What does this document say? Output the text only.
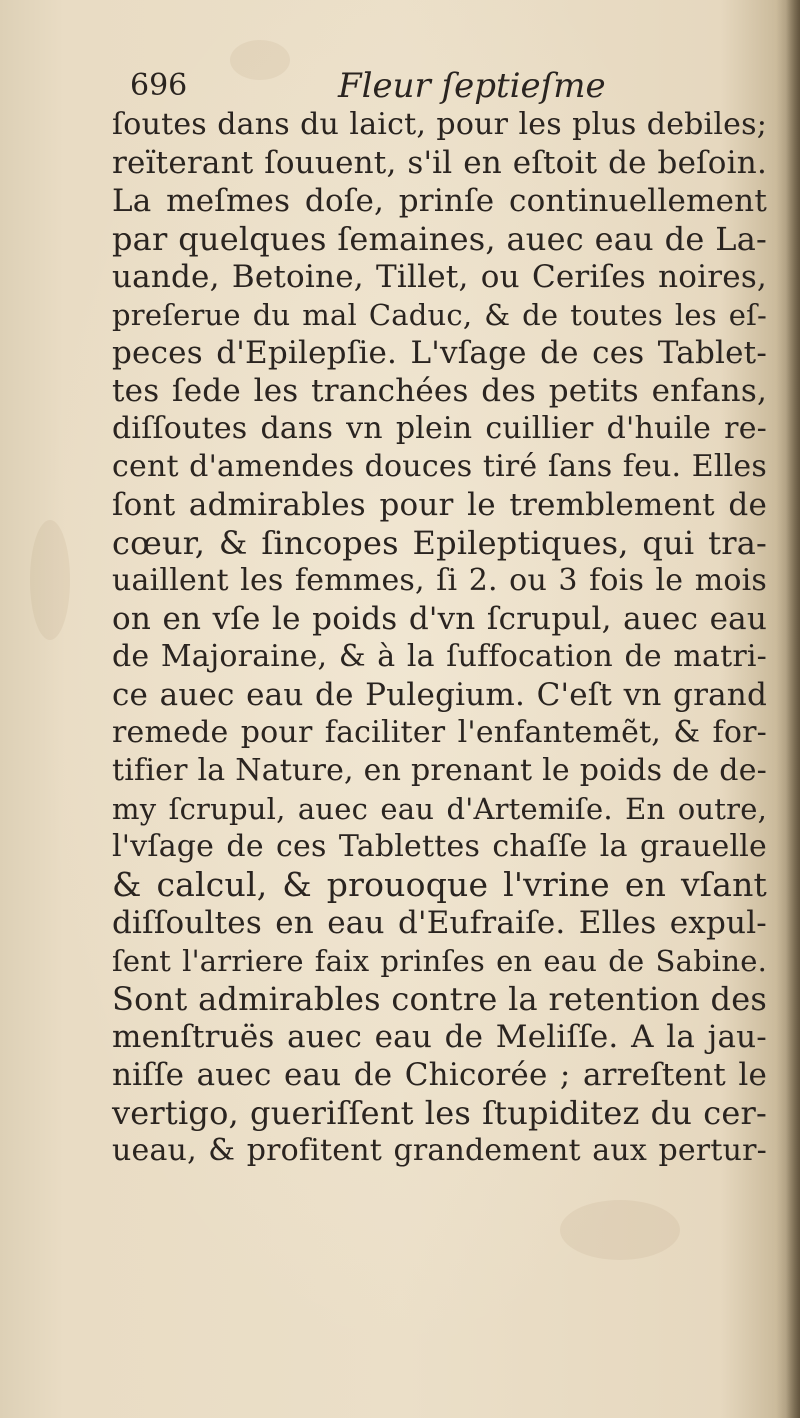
696	Fleur ſeptieſme
ſoutes dans du laict, pour les plus debiles;
reïterant ſouuent, s'il en eſtoit de beſoin.
La meſmes doſe, prinſe continuellement
par quelques ſemaines, auec eau de La-
uande, Betoine, Tillet, ou Ceriſes noires,
preſerue du mal Caduc, & de toutes les eſ-
peces d'Epilepſie. L'vſage de ces Tablet-
tes ſede les tranchées des petits enfans,
diſſoutes dans vn plein cuillier d'huile re-
cent d'amendes douces tiré ſans feu. Elles
ſont admirables pour le tremblement de
cœur, & ſincopes Epileptiques, qui tra-
uaillent les femmes, ſi 2. ou 3 fois le mois
on en vſe le poids d'vn ſcrupul, auec eau
de Majoraine, & à la ſuffocation de matri-
ce auec eau de Pulegium. C'eſt vn grand
remede pour faciliter l'enfantemẽt, & for-
tifier la Nature, en prenant le poids de de-
my ſcrupul, auec eau d'Artemiſe. En outre,
l'vſage de ces Tablettes chaſſe la grauelle
& calcul, & prouoque l'vrine en vſant
diſſoultes en eau d'Eufraiſe. Elles expul-
ſent l'arriere faix prinſes en eau de Sabine.
Sont admirables contre la retention des
menſtruës auec eau de Meliſſe. A la jau-
niſſe auec eau de Chicorée ; arreſtent le
vertigo, gueriſſent les ſtupiditez du cer-
ueau, & profitent grandement aux pertur-
